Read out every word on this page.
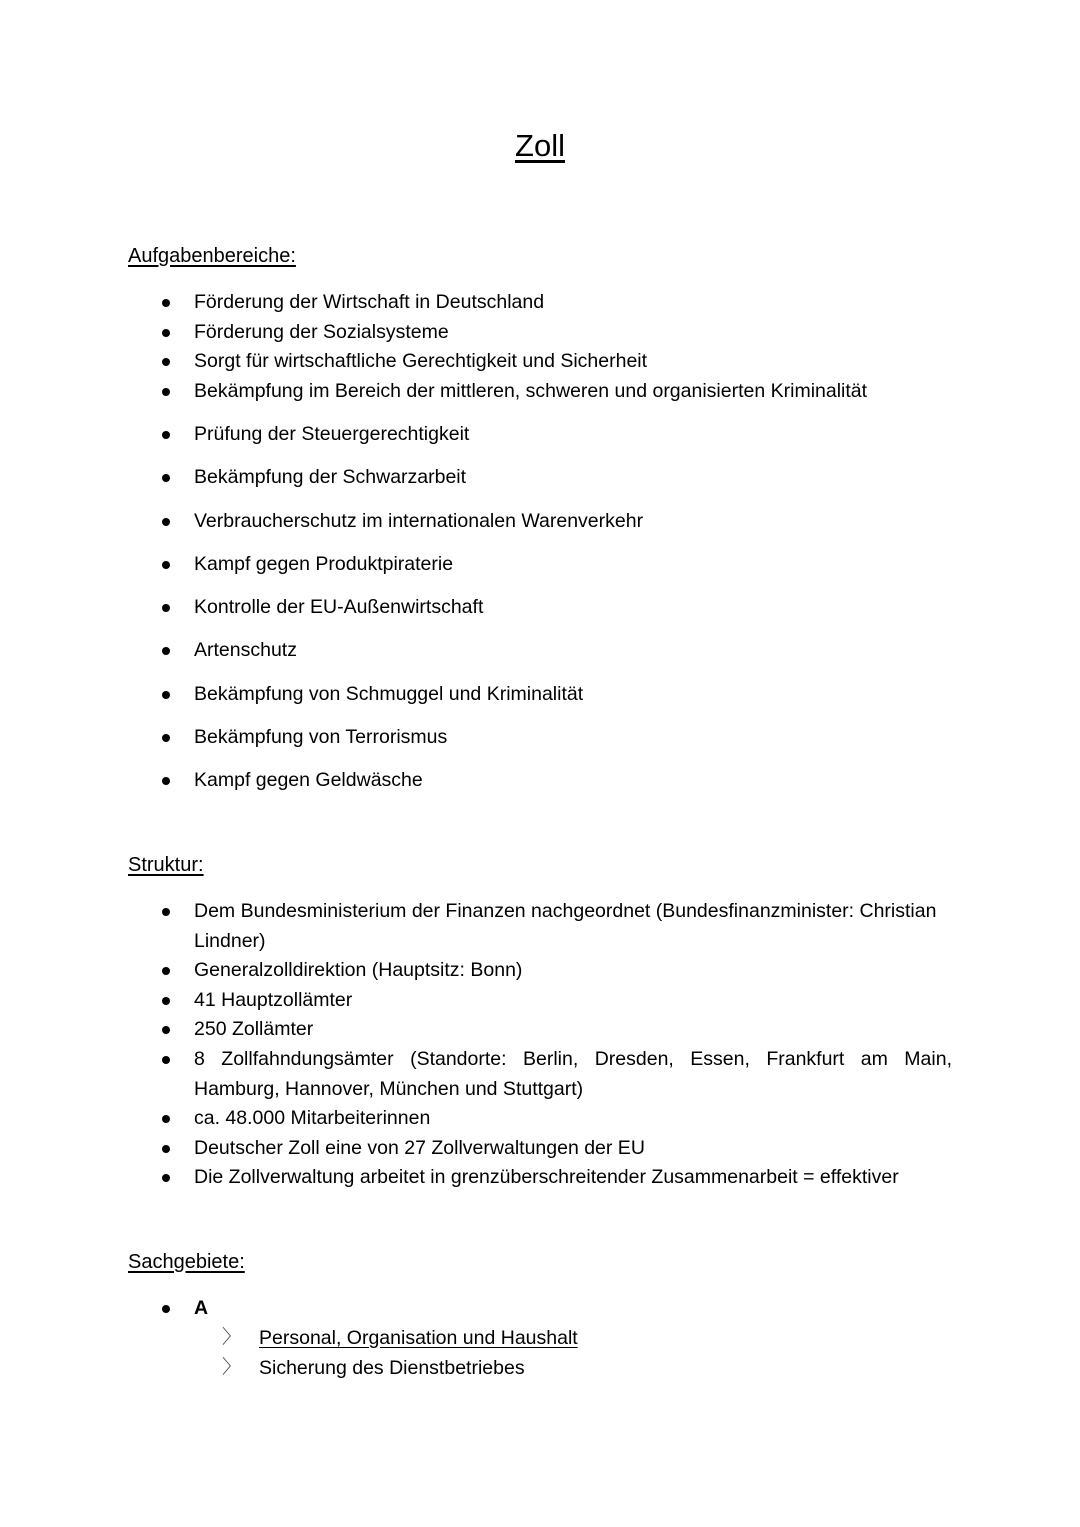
Zoll
Aufgabenbereiche:
Förderung der Wirtschaft in Deutschland
Förderung der Sozialsysteme
Sorgt für wirtschaftliche Gerechtigkeit und Sicherheit
Bekämpfung im Bereich der mittleren, schweren und organisierten Kriminalität
Prüfung der Steuergerechtigkeit
Bekämpfung der Schwarzarbeit
Verbraucherschutz im internationalen Warenverkehr
Kampf gegen Produktpiraterie
Kontrolle der EU-Außenwirtschaft
Artenschutz
Bekämpfung von Schmuggel und Kriminalität
Bekämpfung von Terrorismus
Kampf gegen Geldwäsche
Struktur:
Dem Bundesministerium der Finanzen nachgeordnet (Bundesfinanzminister: Christian Lindner)
Generalzolldirektion (Hauptsitz: Bonn)
41 Hauptzollämter
250 Zollämter
8 Zollfahndungsämter (Standorte: Berlin, Dresden, Essen, Frankfurt am Main, Hamburg, Hannover, München und Stuttgart)
ca. 48.000 Mitarbeiterinnen
Deutscher Zoll eine von 27 Zollverwaltungen der EU
Die Zollverwaltung arbeitet in grenzüberschreitender Zusammenarbeit = effektiver
Sachgebiete:
A
〉 Personal, Organisation und Haushalt
〉 Sicherung des Dienstbetriebes
